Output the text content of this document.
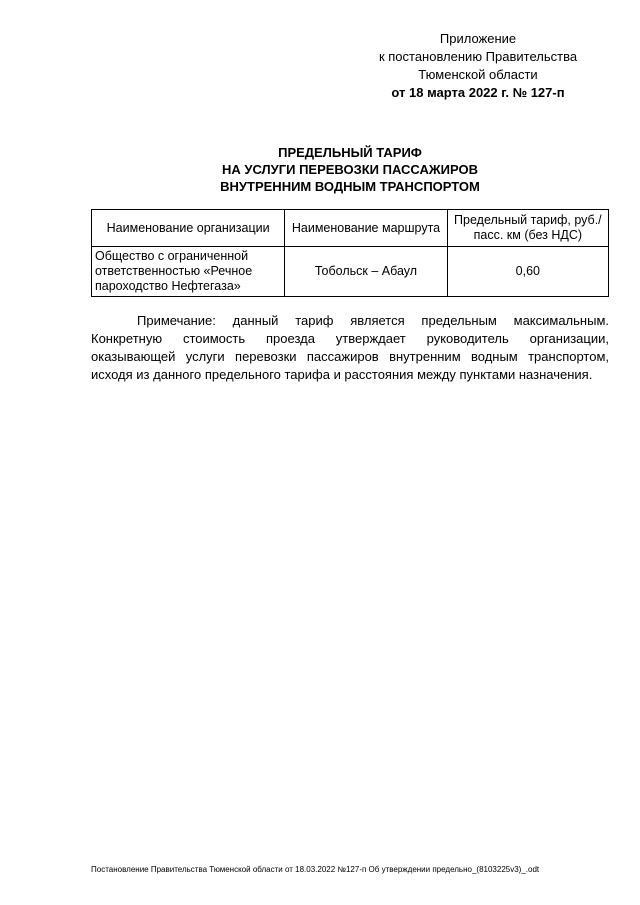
Приложение
к постановлению Правительства
Тюменской области
от 18 марта 2022 г. № 127-п
ПРЕДЕЛЬНЫЙ ТАРИФ
НА УСЛУГИ ПЕРЕВОЗКИ ПАССАЖИРОВ
ВНУТРЕННИМ ВОДНЫМ ТРАНСПОРТОМ
Наименование организации	Наименование маршрута	Предельный тариф, руб./пасс. км (без НДС)
Общество с ограниченной ответственностью «Речное пароходство Нефтегаза»	Тобольск – Абаул	0,60

Примечание: данный тариф является предельным максимальным. Конкретную стоимость проезда утверждает руководитель организации, оказывающей услуги перевозки пассажиров внутренним водным транспортом, исходя из данного предельного тарифа и расстояния между пунктами назначения.

Постановление Правительства Тюменской области от 18.03.2022 №127-п Об утверждении предельно_(8103225v3)_.odt
